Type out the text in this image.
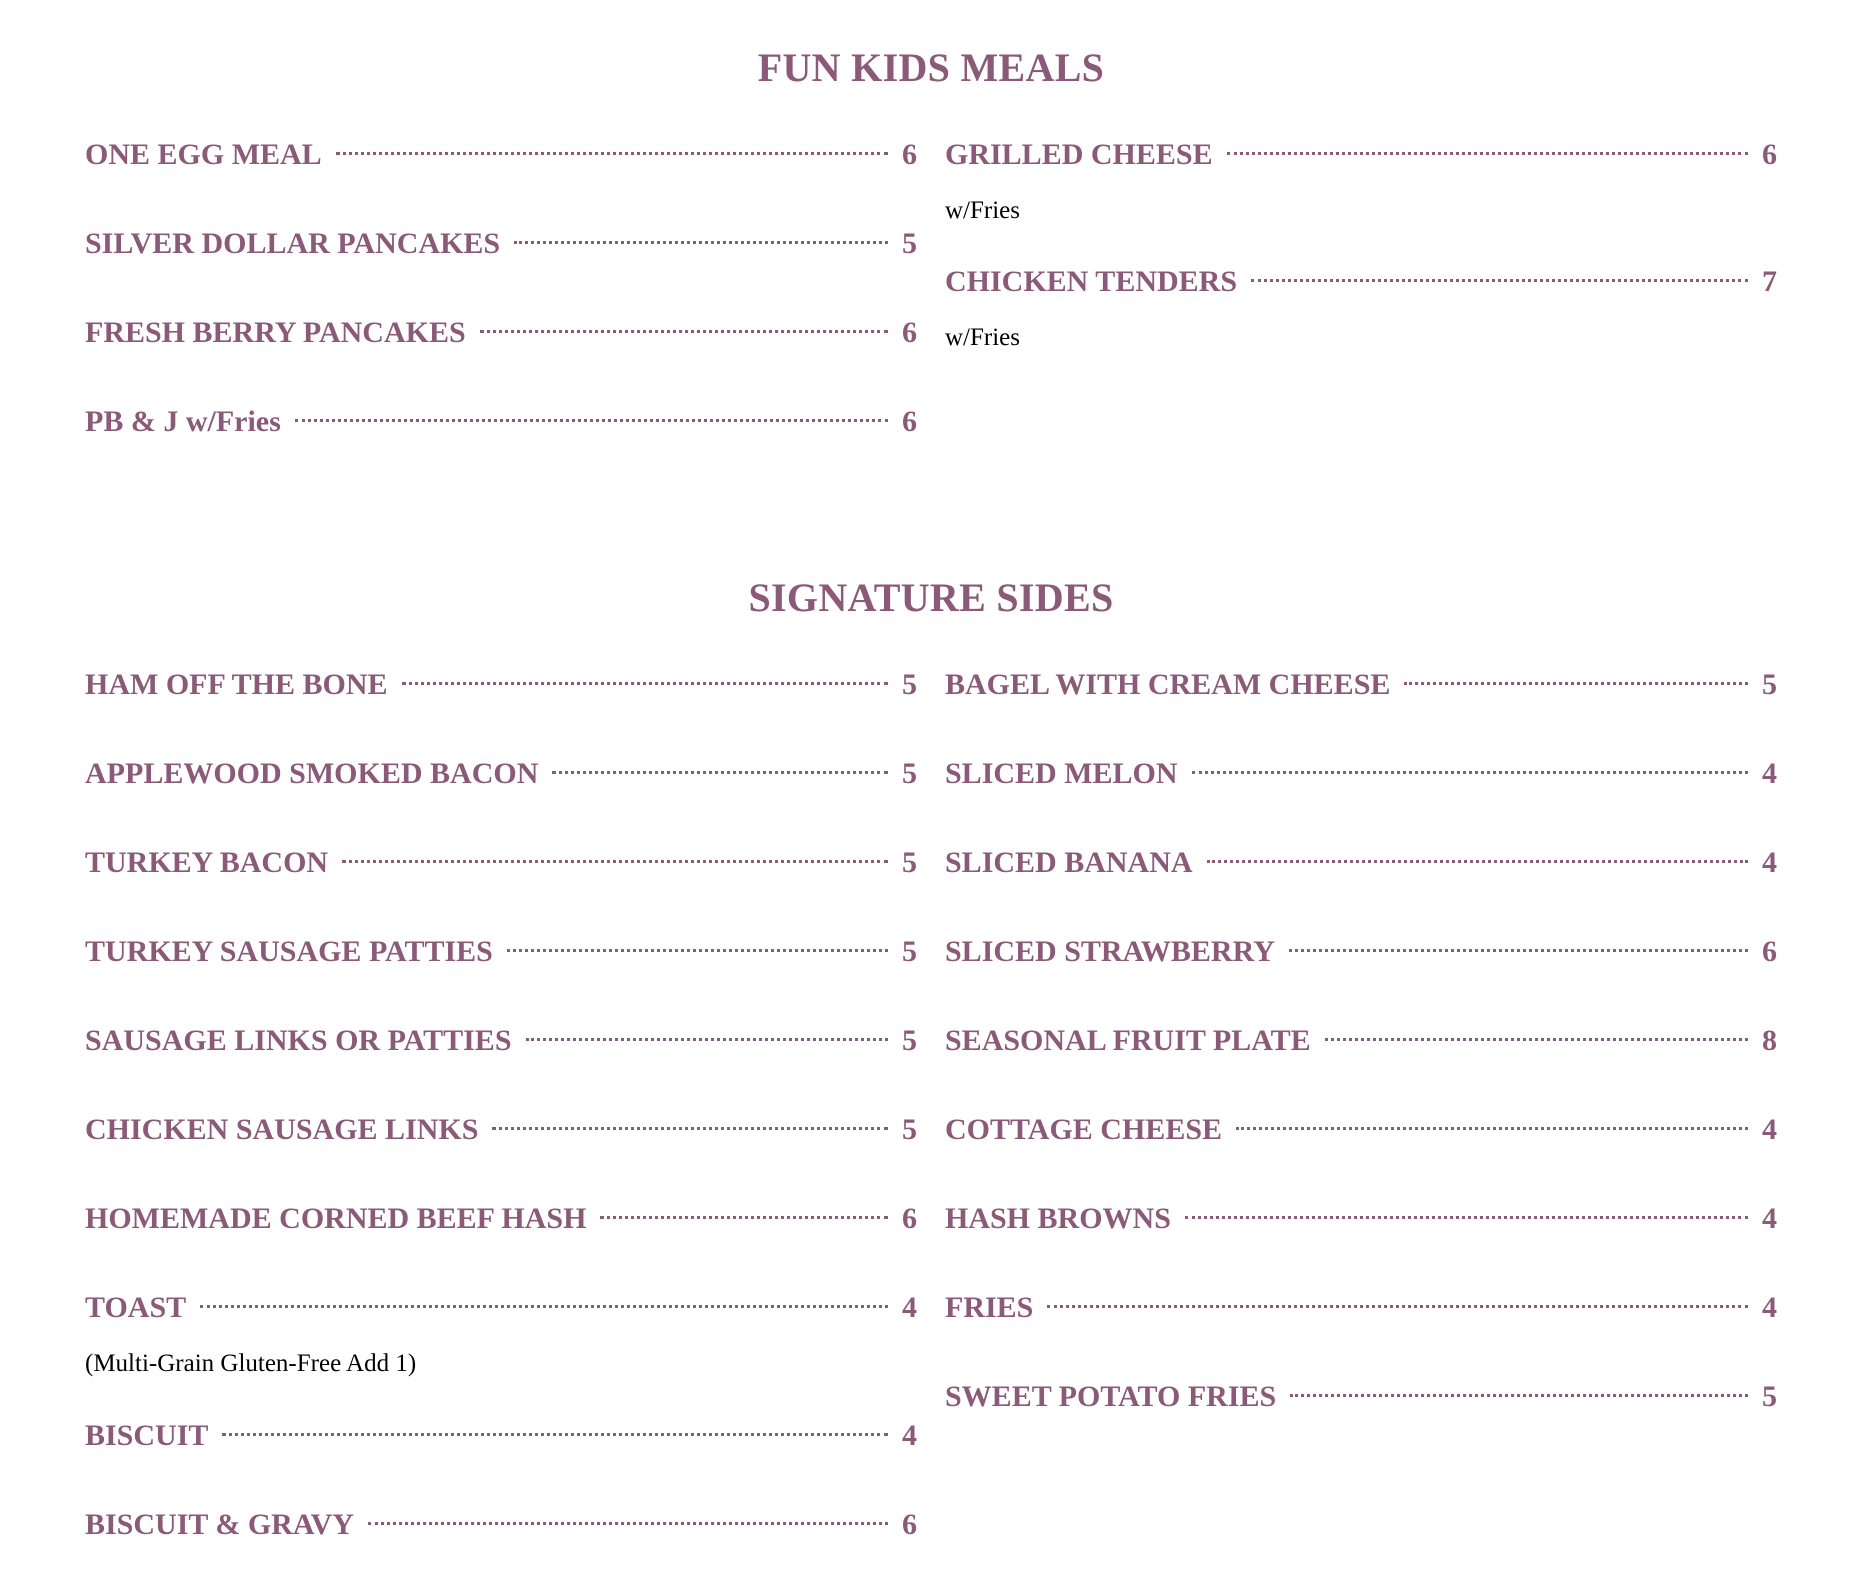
FUN KIDS MEALS
ONE EGG MEAL	6
SILVER DOLLAR PANCAKES	5
FRESH BERRY PANCAKES	6
PB & J w/Fries	6
GRILLED CHEESE	6
w/Fries
CHICKEN TENDERS	7
w/Fries
SIGNATURE SIDES
HAM OFF THE BONE	5
APPLEWOOD SMOKED BACON	5
TURKEY BACON	5
TURKEY SAUSAGE PATTIES	5
SAUSAGE LINKS OR PATTIES	5
CHICKEN SAUSAGE LINKS	5
HOMEMADE CORNED BEEF HASH	6
TOAST	4
(Multi-Grain Gluten-Free Add 1)
BISCUIT	4
BISCUIT & GRAVY	6
BAGEL WITH CREAM CHEESE	5
SLICED MELON	4
SLICED BANANA	4
SLICED STRAWBERRY	6
SEASONAL FRUIT PLATE	8
COTTAGE CHEESE	4
HASH BROWNS	4
FRIES	4
SWEET POTATO FRIES	5
